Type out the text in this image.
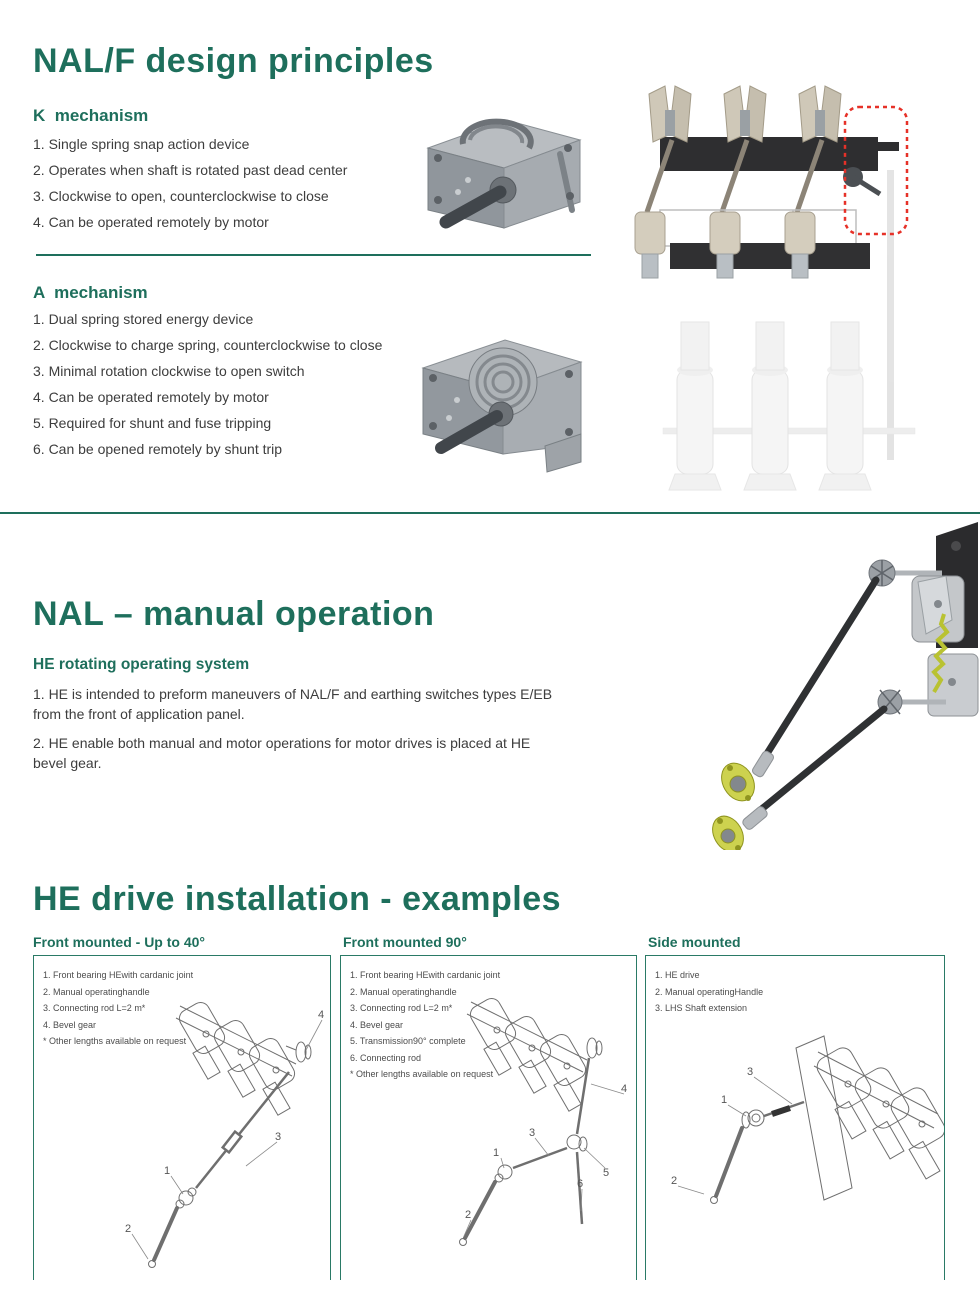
NAL/F design principles
K  mechanism
1. Single spring snap action device
2. Operates when shaft is rotated past dead center
3. Clockwise to open, counterclockwise to close
4. Can be operated remotely by motor
A  mechanism
1. Dual spring stored energy device
2. Clockwise to charge spring, counterclockwise to close
3. Minimal rotation clockwise to open switch
4. Can be operated remotely by motor
5. Required for shunt and fuse tripping
6. Can be opened remotely by shunt trip
NAL – manual operation
HE rotating operating system

1. HE is intended to preform maneuvers of NAL/F and earthing switches types E/EB from the front of application panel.

2. HE enable both manual and motor operations for motor drives is placed at HE bevel gear.

HE drive installation - examples
Front mounted - Up to 40°	Front mounted 90°	Side mounted
1. Front bearing HEwith cardanic joint
2. Manual operatinghandle
3. Connecting rod L=2 m*
4. Bevel gear
* Other lengths available on request
4
3
1
2
1. Front bearing HEwith cardanic joint
2. Manual operatinghandle
3. Connecting rod L=2 m*
4. Bevel gear
5. Transmission90° complete
6. Connecting rod
* Other lengths available on request
4
3
1
5
6
2
1. HE drive
2. Manual operatingHandle
3. LHS Shaft extension
3
1
2
